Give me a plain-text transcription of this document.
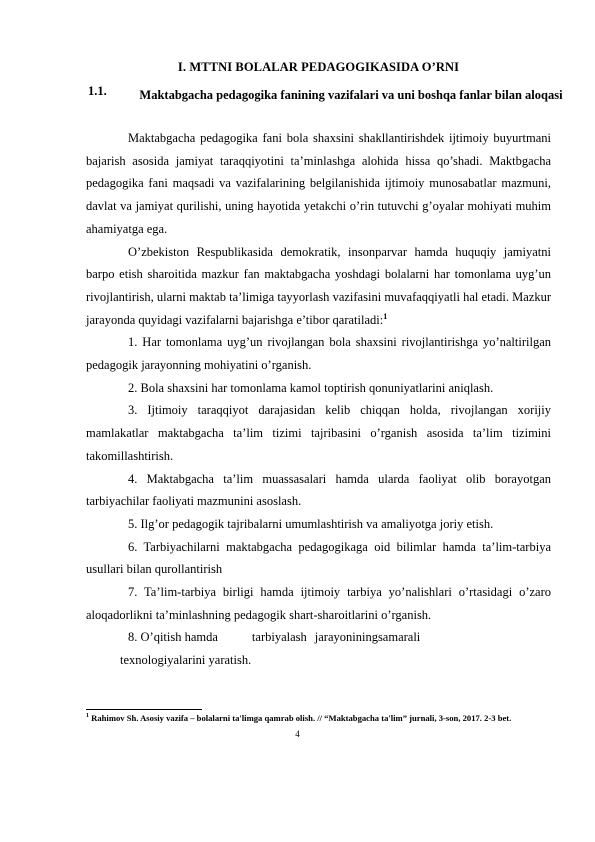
I. MTTNI BOLALAR PEDAGOGIKASIDA O’RNI
1.1.	Maktabgacha pedagogika fanining vazifalari va uni boshqa fanlar bilan aloqasi

Maktabgacha pedagogika fani bola shaxsini shakllantirishdek ijtimoiy buyurtmani bajarish asosida jamiyat taraqqiyotini ta’minlashga alohida hissa qo’shadi. Maktbgacha pedagogika fani maqsadi va vazifalarining belgilanishida ijtimoiy munosabatlar mazmuni, davlat va jamiyat qurilishi, uning hayotida yetakchi o’rin tutuvchi g’oyalar mohiyati muhim ahamiyatga ega.

O’zbekiston Respublikasida demokratik, insonparvar hamda huquqiy jamiyatni barpo etish sharoitida mazkur fan maktabgacha yoshdagi bolalarni har tomonlama uyg’un rivojlantirish, ularni maktab ta’limiga tayyorlash vazifasini muvafaqqiyatli hal etadi. Mazkur jarayonda quyidagi vazifalarni bajarishga e’tibor qaratiladi:$^1$

1. Har tomonlama uyg’un rivojlangan bola shaxsini rivojlantirishga yo’naltirilgan pedagogik jarayonning mohiyatini o’rganish.

2. Bola shaxsini har tomonlama kamol toptirish qonuniyatlarini aniqlash.

3. Ijtimoiy taraqqiyot darajasidan kelib chiqqan holda, rivojlangan xorijiy mamlakatlar maktabgacha ta’lim tizimi tajribasini o’rganish asosida ta’lim tizimini takomillashtirish.

4. Maktabgacha ta’lim muassasalari hamda ularda faoliyat olib borayotgan tarbiyachilar faoliyati mazmunini asoslash.

5. Ilg’or pedagogik tajribalarni umumlashtirish va amaliyotga joriy etish.

6. Tarbiyachilarni maktabgacha pedagogikaga oid bilimlar hamda ta’lim-tarbiya usullari bilan qurollantirish

7. Ta’lim-tarbiya birligi hamda ijtimoiy tarbiya yo’nalishlari o’rtasidagi o’zaro aloqadorlikni ta’minlashning pedagogik shart-sharoitlarini o’rganish.

8. O’qitish hamda	tarbiyalash jarayoniningsamarali

texnologiyalarini yaratish.
$^1$ Rahimov Sh. Asosiy vazifa – bolalarni ta'limga qamrab olish. // “Maktabgacha ta'lim” jurnali, 3-son, 2017. 2-3 bet.
4
